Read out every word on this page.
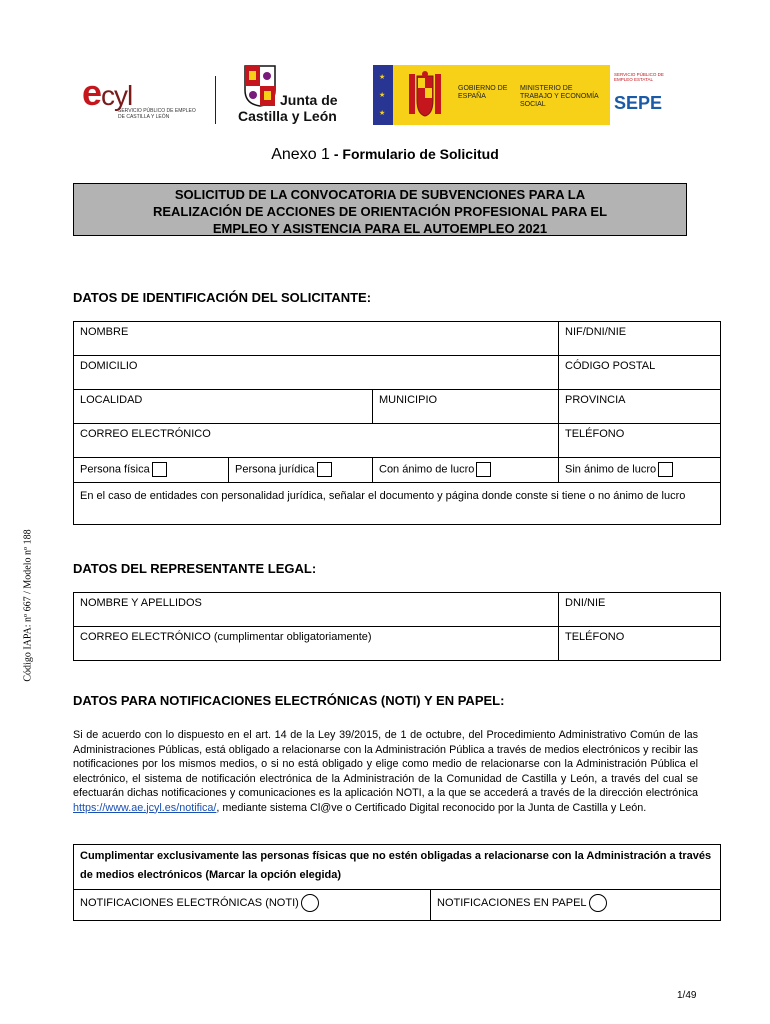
ecyl
SERVICIO PÚBLICO DE EMPLEO DE CASTILLA Y LEÓN
Junta de
Castilla y León
★
★
★
GOBIERNO DE ESPAÑA
MINISTERIO DE TRABAJO Y ECONOMÍA SOCIAL
SERVICIO PÚBLICO DE EMPLEO ESTATAL
SEPE
Anexo 1 - Formulario de Solicitud
SOLICITUD DE LA CONVOCATORIA DE SUBVENCIONES PARA LA
REALIZACIÓN DE ACCIONES DE ORIENTACIÓN PROFESIONAL PARA EL
EMPLEO Y ASISTENCIA PARA EL AUTOEMPLEO 2021
Código IAPA: nº 667 / Modelo nº 188
DATOS DE IDENTIFICACIÓN DEL SOLICITANTE:
NOMBRE			NIF/DNI/NIE
DOMICILIO			CÓDIGO POSTAL
LOCALIDAD		MUNICIPIO	PROVINCIA
CORREO ELECTRÓNICO			TELÉFONO
Persona física	Persona jurídica	Con ánimo de lucro	Sin ánimo de lucro
En el caso de entidades con personalidad jurídica, señalar el documento y página donde conste si tiene o no ánimo de lucro			
DATOS DEL REPRESENTANTE LEGAL:
NOMBRE Y APELLIDOS	DNI/NIE
CORREO ELECTRÓNICO (cumplimentar obligatoriamente)	TELÉFONO
DATOS PARA NOTIFICACIONES ELECTRÓNICAS (NOTI) Y EN PAPEL:
Si de acuerdo con lo dispuesto en el art. 14 de la Ley 39/2015, de 1 de octubre, del Procedimiento Administrativo Común de las Administraciones Públicas, está obligado a relacionarse con la Administración Pública a través de medios electrónicos y recibir las notificaciones por los mismos medios, o si no está obligado y elige como medio de relacionarse con la Administración Pública el electrónico, el sistema de notificación electrónica de la Administración de la Comunidad de Castilla y León, a través del cual se efectuarán dichas notificaciones y comunicaciones es la aplicación NOTI, a la que se accederá a través de la dirección electrónica https://www.ae.jcyl.es/notifica/, mediante sistema Cl@ve o Certificado Digital reconocido por la Junta de Castilla y León.
Cumplimentar exclusivamente las personas físicas que no estén obligadas a relacionarse con la Administración a través de medios electrónicos (Marcar la opción elegida)
NOTIFICACIONES ELECTRÓNICAS (NOTI)	NOTIFICACIONES EN PAPEL
1/49
